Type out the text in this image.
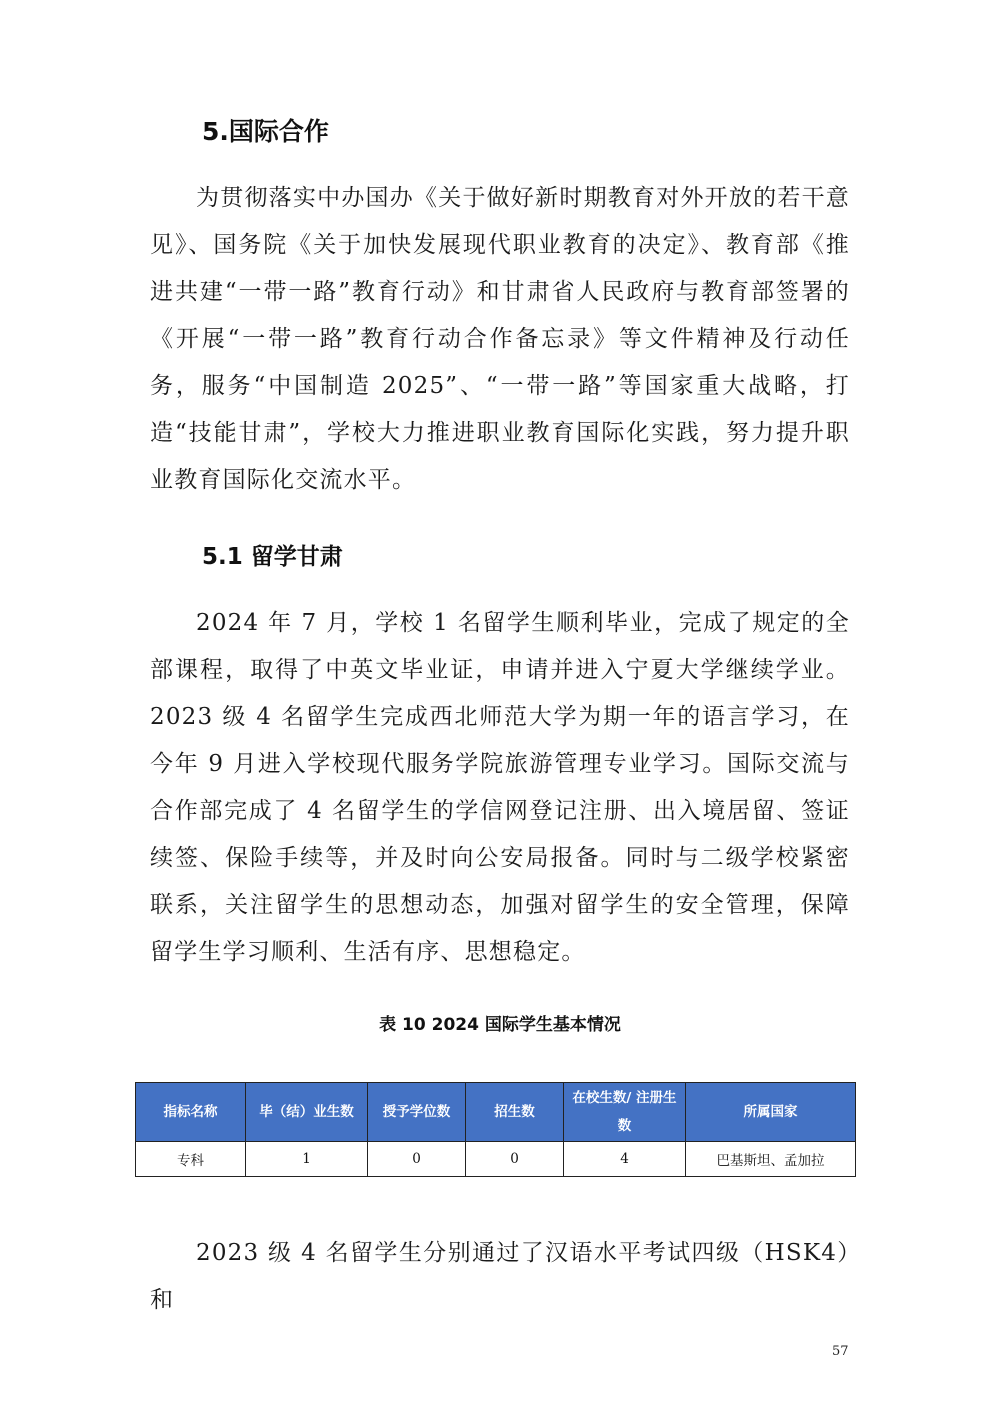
5.国际合作

为贯彻落实中办国办《关于做好新时期教育对外开放的若干意见》、国务院《关于加快发展现代职业教育的决定》、教育部《推进共建“一带一路”教育行动》和甘肃省人民政府与教育部签署的《开展“一带一路”教育行动合作备忘录》等文件精神及行动任务，服务“中国制造 2025”、“一带一路”等国家重大战略，打造“技能甘肃”，学校大力推进职业教育国际化实践，努力提升职业教育国际化交流水平。

5.1 留学甘肃

2024 年 7 月，学校 1 名留学生顺利毕业，完成了规定的全部课程，取得了中英文毕业证，申请并进入宁夏大学继续学业。2023 级 4 名留学生完成西北师范大学为期一年的语言学习，在今年 9 月进入学校现代服务学院旅游管理专业学习。国际交流与合作部完成了 4 名留学生的学信网登记注册、出入境居留、签证续签、保险手续等，并及时向公安局报备。同时与二级学校紧密联系，关注留学生的思想动态，加强对留学生的安全管理，保障留学生学习顺利、生活有序、思想稳定。

表 10 2024 国际学生基本情况
指标名称	毕（结）业生数	授予学位数	招生数	在校生数/ 注册生数	所属国家
专科	1	0	0	4	巴基斯坦、孟加拉

2023 级 4 名留学生分别通过了汉语水平考试四级（HSK4）和

57
